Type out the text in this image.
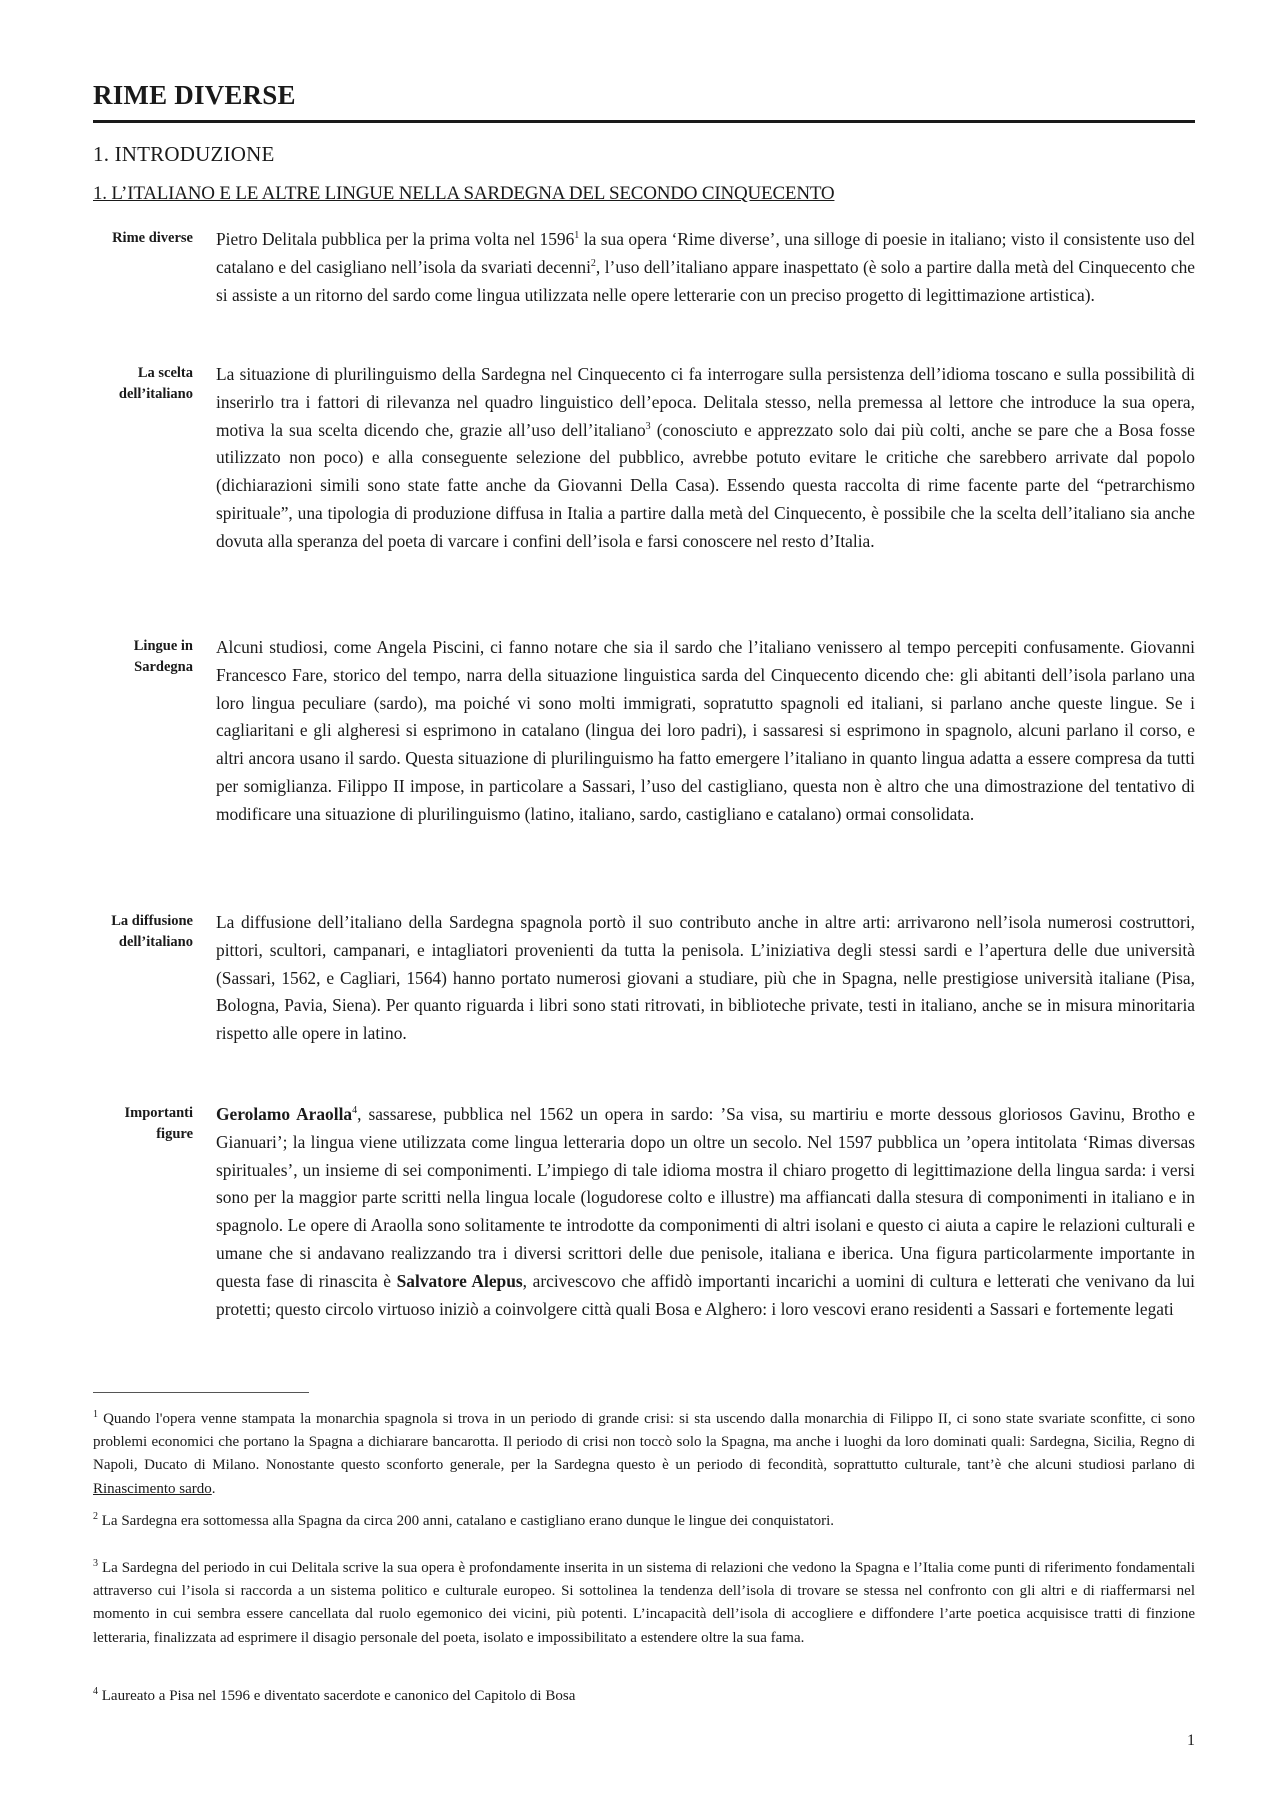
RIME DIVERSE
1. INTRODUZIONE
1. L’ITALIANO E LE ALTRE LINGUE NELLA SARDEGNA DEL SECONDO CINQUECENTO
Rime diverse Pietro Delitala pubblica per la prima volta nel 1596$^1$ la sua opera ‘Rime diverse’, una silloge di poesie in italiano; visto il consistente uso del catalano e del casigliano nell’isola da svariati decenni$^2$, l’uso dell’italiano appare inaspettato (è solo a partire dalla metà del Cinquecento che si assiste a un ritorno del sardo come lingua utilizzata nelle opere letterarie con un preciso progetto di legittimazione artistica).
La scelta dell’italiano
La situazione di plurilinguismo della Sardegna nel Cinquecento ci fa interrogare sulla persistenza dell’idioma toscano e sulla possibilità di inserirlo tra i fattori di rilevanza nel quadro linguistico dell’epoca. Delitala stesso, nella premessa al lettore che introduce la sua opera, motiva la sua scelta dicendo che, grazie all’uso dell’italiano$^3$ (conosciuto e apprezzato solo dai più colti, anche se pare che a Bosa fosse utilizzato non poco) e alla conseguente selezione del pubblico, avrebbe potuto evitare le critiche che sarebbero arrivate dal popolo (dichiarazioni simili sono state fatte anche da Giovanni Della Casa). Essendo questa raccolta di rime facente parte del “petrarchismo spirituale”, una tipologia di produzione diffusa in Italia a partire dalla metà del Cinquecento, è possibile che la scelta dell’italiano sia anche dovuta alla speranza del poeta di varcare i confini dell’isola e farsi conoscere nel resto d’Italia.
Lingue in Sardegna
Alcuni studiosi, come Angela Piscini, ci fanno notare che sia il sardo che l’italiano venissero al tempo percepiti confusamente. Giovanni Francesco Fare, storico del tempo, narra della situazione linguistica sarda del Cinquecento dicendo che: gli abitanti dell’isola parlano una loro lingua peculiare (sardo), ma poiché vi sono molti immigrati, sopratutto spagnoli ed italiani, si parlano anche queste lingue. Se i cagliaritani e gli algheresi si esprimono in catalano (lingua dei loro padri), i sassaresi si esprimono in spagnolo, alcuni parlano il corso, e altri ancora usano il sardo. Questa situazione di plurilinguismo ha fatto emergere l’italiano in quanto lingua adatta a essere compresa da tutti per somiglianza. Filippo II impose, in particolare a Sassari, l’uso del castigliano, questa non è altro che una dimostrazione del tentativo di modificare una situazione di plurilinguismo (latino, italiano, sardo, castigliano e catalano) ormai consolidata.
La diffusione dell’italiano
La diffusione dell’italiano della Sardegna spagnola portò il suo contributo anche in altre arti: arrivarono nell’isola numerosi costruttori, pittori, scultori, campanari, e intagliatori provenienti da tutta la penisola. L’iniziativa degli stessi sardi e l’apertura delle due università (Sassari, 1562, e Cagliari, 1564) hanno portato numerosi giovani a studiare, più che in Spagna, nelle prestigiose università italiane (Pisa, Bologna, Pavia, Siena). Per quanto riguarda i libri sono stati ritrovati, in biblioteche private, testi in italiano, anche se in misura minoritaria rispetto alle opere in latino.
Importanti figure
Gerolamo Araolla$^4$, sassarese, pubblica nel 1562 un opera in sardo: ’Sa visa, su martiriu e morte dessous gloriosos Gavinu, Brotho e Gianuari’; la lingua viene utilizzata come lingua letteraria dopo un oltre un secolo. Nel 1597 pubblica un ’opera intitolata ‘Rimas diversas spirituales’, un insieme di sei componimenti. L’impiego di tale idioma mostra il chiaro progetto di legittimazione della lingua sarda: i versi sono per la maggior parte scritti nella lingua locale (logudorese colto e illustre) ma affiancati dalla stesura di componimenti in italiano e in spagnolo. Le opere di Araolla sono solitamente te introdotte da componimenti di altri isolani e questo ci aiuta a capire le relazioni culturali e umane che si andavano realizzando tra i diversi scrittori delle due penisole, italiana e iberica. Una figura particolarmente importante in questa fase di rinascita è Salvatore Alepus, arcivescovo che affidò importanti incarichi a uomini di cultura e letterati che venivano da lui protetti; questo circolo virtuoso iniziò a coinvolgere città quali Bosa e Alghero: i loro vescovi erano residenti a Sassari e fortemente legati
$^1$ Quando l'opera venne stampata la monarchia spagnola si trova in un periodo di grande crisi: si sta uscendo dalla monarchia di Filippo II, ci sono state svariate sconfitte, ci sono problemi economici che portano la Spagna a dichiarare bancarotta. Il periodo di crisi non toccò solo la Spagna, ma anche i luoghi da loro dominati quali: Sardegna, Sicilia, Regno di Napoli, Ducato di Milano. Nonostante questo sconforto generale, per la Sardegna questo è un periodo di fecondità, soprattutto culturale, tant’è che alcuni studiosi parlano di Rinascimento sardo.
$^2$ La Sardegna era sottomessa alla Spagna da circa 200 anni, catalano e castigliano erano dunque le lingue dei conquistatori.
$^3$ La Sardegna del periodo in cui Delitala scrive la sua opera è profondamente inserita in un sistema di relazioni che vedono la Spagna e l’Italia come punti di riferimento fondamentali attraverso cui l’isola si raccorda a un sistema politico e culturale europeo. Si sottolinea la tendenza dell’isola di trovare se stessa nel confronto con gli altri e di riaffermarsi nel momento in cui sembra essere cancellata dal ruolo egemonico dei vicini, più potenti. L’incapacità dell’isola di accogliere e diffondere l’arte poetica acquisisce tratti di finzione letteraria, finalizzata ad esprimere il disagio personale del poeta, isolato e impossibilitato a estendere oltre la sua fama.
$^4$ Laureato a Pisa nel 1596 e diventato sacerdote e canonico del Capitolo di Bosa
1
